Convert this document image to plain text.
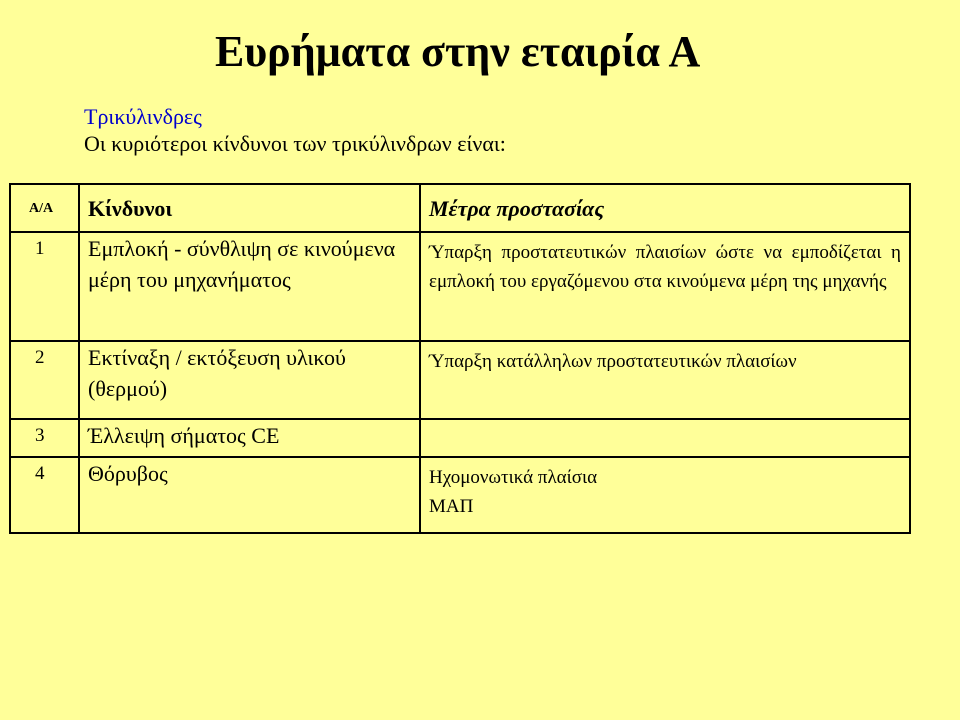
Ευρήματα στην εταιρία Α
Τρικύλινδρες
Οι κυριότεροι κίνδυνοι των τρικύλινδρων είναι:
Α/Α	Κίνδυνοι	Μέτρα προστασίας
1	Εμπλοκή - σύνθλιψη σε κινούμενα μέρη του μηχανήματος	Ύπαρξη προστατευτικών πλαισίων ώστε να εμποδίζεται η εμπλοκή του εργαζόμενου στα κινούμενα μέρη της μηχανής
2	Εκτίναξη / εκτόξευση υλικού (θερμού)	Ύπαρξη κατάλληλων προστατευτικών πλαισίων
3	Έλλειψη σήματος CE	
4	Θόρυβος	Ηχομονωτικά πλαίσια
ΜΑΠ
